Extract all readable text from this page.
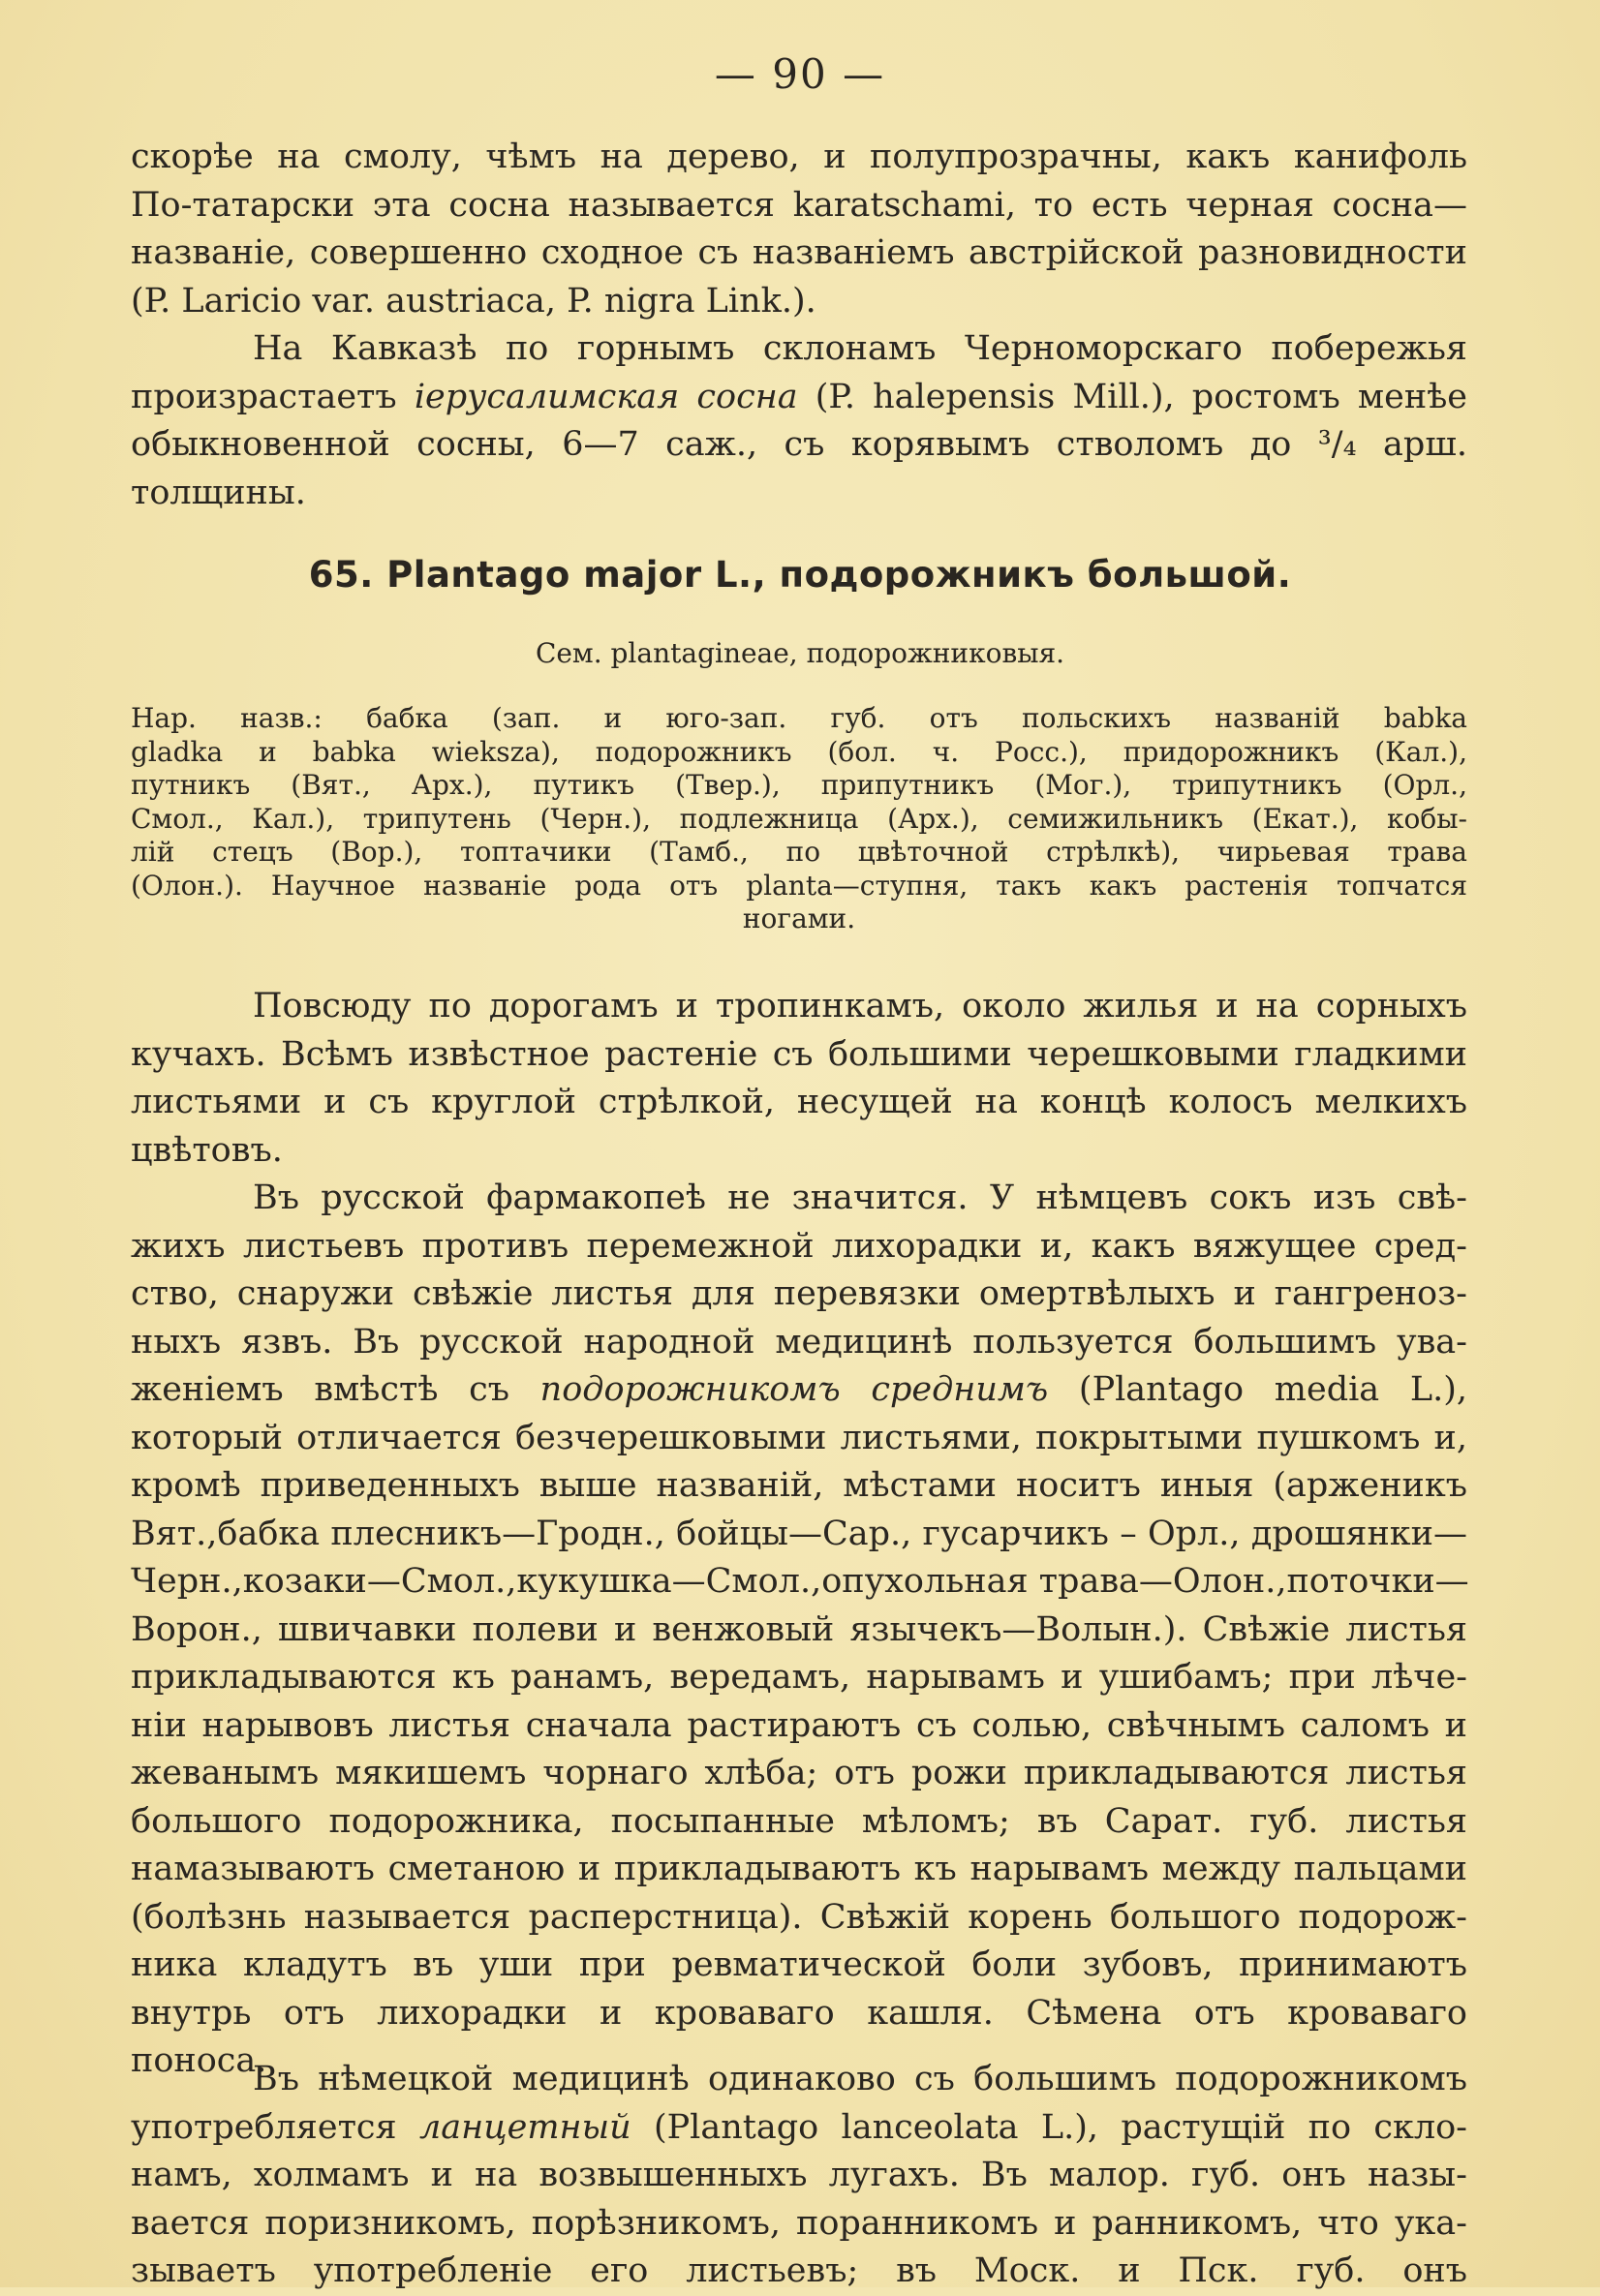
— 90 —

скорѣе на смолу, чѣмъ на дерево, и полупрозрачны, какъ канифоль
По-татарски эта сосна называется karatschami, то есть черная сосна—
названіе, совершенно сходное съ названіемъ австрійской разновидности
(P. Laricio var. austriaca, P. nigra Link.).

На Кавказѣ по горнымъ склонамъ Черноморскаго побережья
произрастаетъ іерусалимская сосна (P. halepensis Mill.), ростомъ менѣе
обыкновенной сосны, 6—7 саж., съ корявымъ стволомъ до ³/₄ арш.
толщины.

65. Plantago major L., подорожникъ большой.
Сем. plantagineae, подорожниковыя.
Нар. назв.: бабка (зап. и юго-зап. губ. отъ польскихъ названій babka
gladka и babka wieksza), подорожникъ (бол. ч. Росс.), придорожникъ (Кал.),
путникъ (Вят., Арх.), путикъ (Твер.), припутникъ (Мог.), трипутникъ (Орл.,
Смол., Кал.), трипутень (Черн.), подлежница (Арх.), семижильникъ (Екат.), кобы-
лій стецъ (Вор.), топтачики (Тамб., по цвѣточной стрѣлкѣ), чирьевая трава
(Олон.). Научное названіе рода отъ planta—ступня, такъ какъ растенія топчатся
ногами.

Повсюду по дорогамъ и тропинкамъ, около жилья и на сорныхъ
кучахъ. Всѣмъ извѣстное растеніе съ большими черешковыми гладкими
листьями и съ круглой стрѣлкой, несущей на концѣ колосъ мелкихъ
цвѣтовъ.

Въ русской фармакопеѣ не значится. У нѣмцевъ сокъ изъ свѣ-
жихъ листьевъ противъ перемежной лихорадки и, какъ вяжущее сред-
ство, снаружи свѣжіе листья для перевязки омертвѣлыхъ и гангреноз-
ныхъ язвъ. Въ русской народной медицинѣ пользуется большимъ ува-
женіемъ вмѣстѣ съ подорожникомъ среднимъ (Plantago media L.),
который отличается безчерешковыми листьями, покрытыми пушкомъ и,
кромѣ приведенныхъ выше названій, мѣстами носитъ иныя (арженикъ
Вят.,бабка плесникъ—Гродн., бойцы—Сар., гусарчикъ – Орл., дрошянки—
Черн.,козаки—Смол.,кукушка—Смол.,опухольная трава—Олон.,поточки—
Ворон., швичавки полеви и венжовый язычекъ—Волын.). Свѣжіе листья
прикладываются къ ранамъ, вередамъ, нарывамъ и ушибамъ; при лѣче-
ніи нарывовъ листья сначала растираютъ съ солью, свѣчнымъ саломъ и
жеванымъ мякишемъ чорнаго хлѣба; отъ рожи прикладываются листья
большого подорожника, посыпанные мѣломъ; въ Сарат. губ. листья
намазываютъ сметаною и прикладываютъ къ нарывамъ между пальцами
(болѣзнь называется расперстница). Свѣжій корень большого подорож-
ника кладутъ въ уши при ревматической боли зубовъ, принимаютъ
внутрь отъ лихорадки и кроваваго кашля. Сѣмена отъ кроваваго
поноса.

Въ нѣмецкой медицинѣ одинаково съ большимъ подорожникомъ
употребляется ланцетный (Plantago lanceolata L.), растущій по скло-
намъ, холмамъ и на возвышенныхъ лугахъ. Въ малор. губ. онъ назы-
вается поризникомъ, порѣзникомъ, поранникомъ и ранникомъ, что ука-
зываетъ употребленіе его листьевъ; въ Моск. и Пск. губ. онъ
